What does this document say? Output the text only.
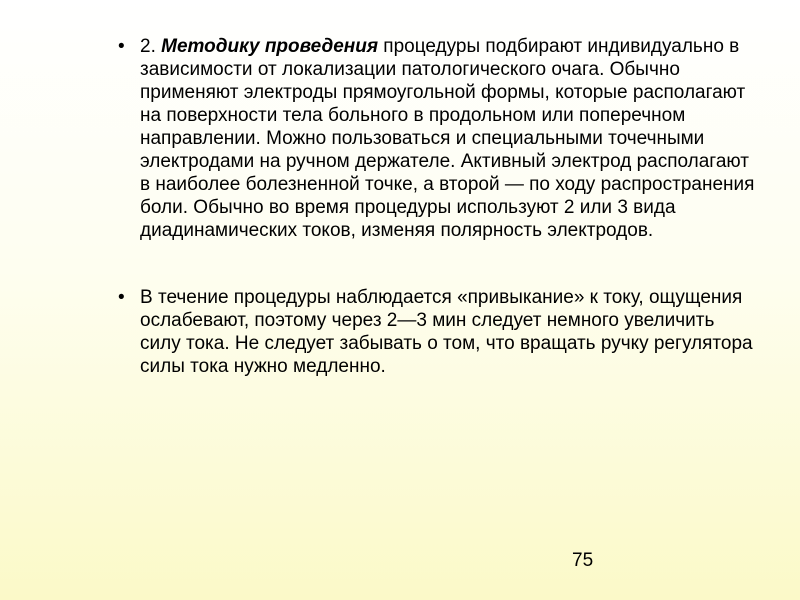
• 2. Методику проведения процедуры подбирают индивидуально в зависимости от локализации патологического очага. Обычно применяют электроды прямоугольной формы, которые располагают на поверхности тела больного в продольном или поперечном направлении. Можно пользоваться и специальными точечными электродами на ручном держателе. Активный электрод располагают в наиболее болезненной точке, а второй — по ходу распространения боли. Обычно во время процедуры используют 2 или 3 вида диадинамических токов, изменяя полярность электродов.
• В течение процедуры наблюдается «привыкание» к току, ощущения ослабевают, поэтому через 2—3 мин следует немного увеличить силу тока. Не следует забывать о том, что вращать ручку регулятора силы тока нужно медленно.
75
